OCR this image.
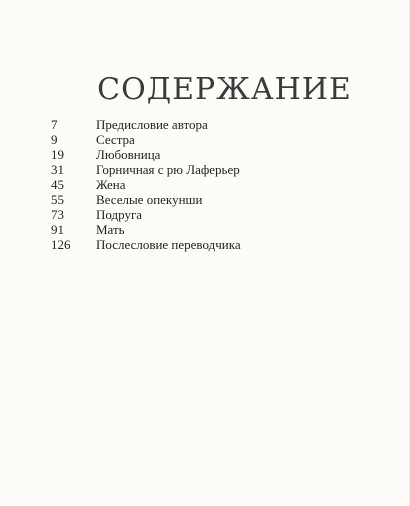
СОДЕРЖАНИЕ
7	Предисловие автора
9	Сестра
19	Любовница
31	Горничная с рю Лаферьер
45	Жена
55	Веселые опекунши
73	Подруга
91	Мать
126	Послесловие переводчика
